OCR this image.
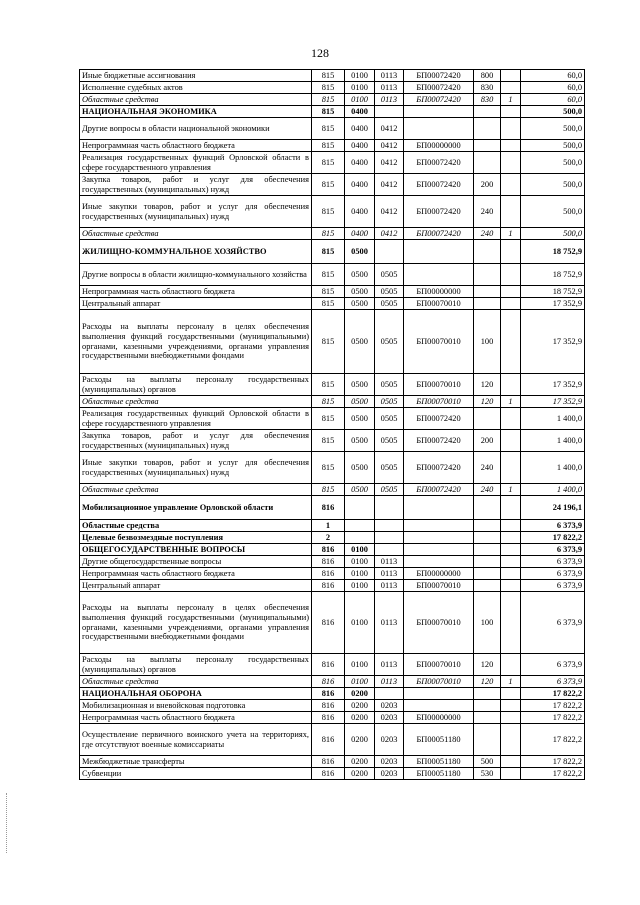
128
Иные бюджетные ассигнования	815	0100	0113	БП00072420	800		60,0
Исполнение судебных актов	815	0100	0113	БП00072420	830		60,0
Областные средства	815	0100	0113	БП00072420	830	1	60,0
НАЦИОНАЛЬНАЯ ЭКОНОМИКА	815	0400					500,0
Другие вопросы в области национальной экономики	815	0400	0412				500,0
Непрограммная часть областного бюджета	815	0400	0412	БП00000000			500,0
Реализация государственных функций Орловской области в сфере государственного управления	815	0400	0412	БП00072420			500,0
Закупка товаров, работ и услуг для обеспечения государственных (муниципальных) нужд	815	0400	0412	БП00072420	200		500,0
Иные закупки товаров, работ и услуг для обеспечения государственных (муниципальных) нужд	815	0400	0412	БП00072420	240		500,0
Областные средства	815	0400	0412	БП00072420	240	1	500,0
ЖИЛИЩНО-КОММУНАЛЬНОЕ ХОЗЯЙСТВО	815	0500					18 752,9
Другие вопросы в области жилищно-коммунального хозяйства	815	0500	0505				18 752,9
Непрограммная часть областного бюджета	815	0500	0505	БП00000000			18 752,9
Центральный аппарат	815	0500	0505	БП00070010			17 352,9
Расходы на выплаты персоналу в целях обеспечения выполнения функций государственными (муниципальными) органами, казенными учреждениями, органами управления государственными внебюджетными фондами	815	0500	0505	БП00070010	100		17 352,9
Расходы на выплаты персоналу государственных (муниципальных) органов	815	0500	0505	БП00070010	120		17 352,9
Областные средства	815	0500	0505	БП00070010	120	1	17 352,9
Реализация государственных функций Орловской области в сфере государственного управления	815	0500	0505	БП00072420			1 400,0
Закупка товаров, работ и услуг для обеспечения государственных (муниципальных) нужд	815	0500	0505	БП00072420	200		1 400,0
Иные закупки товаров, работ и услуг для обеспечения государственных (муниципальных) нужд	815	0500	0505	БП00072420	240		1 400,0
Областные средства	815	0500	0505	БП00072420	240	1	1 400,0
Мобилизационное управление Орловской области	816						24 196,1
Областные средства	1						6 373,9
Целевые безвозмездные поступления	2						17 822,2
ОБЩЕГОСУДАРСТВЕННЫЕ ВОПРОСЫ	816	0100					6 373,9
Другие общегосударственные вопросы	816	0100	0113				6 373,9
Непрограммная часть областного бюджета	816	0100	0113	БП00000000			6 373,9
Центральный аппарат	816	0100	0113	БП00070010			6 373,9
Расходы на выплаты персоналу в целях обеспечения выполнения функций государственными (муниципальными) органами, казенными учреждениями, органами управления государственными внебюджетными фондами	816	0100	0113	БП00070010	100		6 373,9
Расходы на выплаты персоналу государственных (муниципальных) органов	816	0100	0113	БП00070010	120		6 373,9
Областные средства	816	0100	0113	БП00070010	120	1	6 373,9
НАЦИОНАЛЬНАЯ ОБОРОНА	816	0200					17 822,2
Мобилизационная и вневойсковая подготовка	816	0200	0203				17 822,2
Непрограммная часть областного бюджета	816	0200	0203	БП00000000			17 822,2
Осуществление первичного воинского учета на территориях, где отсутствуют военные комиссариаты	816	0200	0203	БП00051180			17 822,2
Межбюджетные трансферты	816	0200	0203	БП00051180	500		17 822,2
Субвенции	816	0200	0203	БП00051180	530		17 822,2
